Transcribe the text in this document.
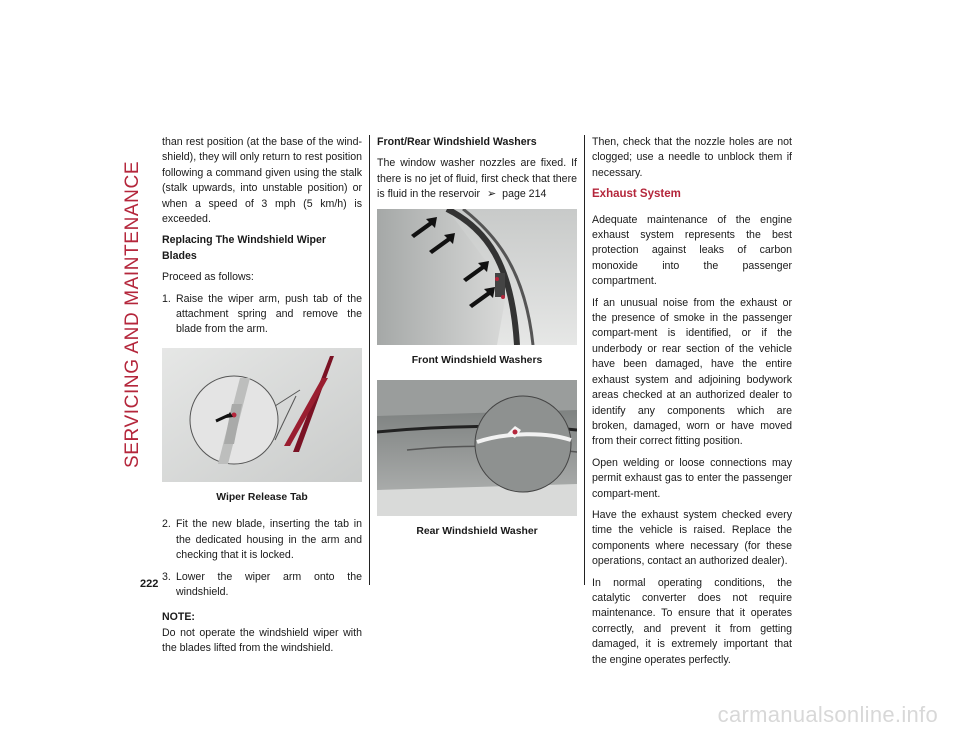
SERVICING AND MAINTENANCE
222

than rest position (at the base of the wind-shield), they will only return to rest position following a command given using the stalk (stalk upwards, into unstable position) or when a speed of 3 mph (5 km/h) is exceeded.

Replacing The Windshield Wiper Blades

Proceed as follows:

1. Raise the wiper arm, push tab of the attachment spring and remove the blade from the arm.
Wiper Release Tab
2. Fit the new blade, inserting the tab in the dedicated housing in the arm and checking that it is locked.
3. Lower the wiper arm onto the windshield.
NOTE:

Do not operate the windshield wiper with the blades lifted from the windshield.

Front/Rear Windshield Washers

The window washer nozzles are fixed. If there is no jet of fluid, first check that there is fluid in the reservoir ➢ page 214

Front Windshield Washers
Rear Windshield Washer

Then, check that the nozzle holes are not clogged; use a needle to unblock them if necessary.

Exhaust System

Adequate maintenance of the engine exhaust system represents the best protection against leaks of carbon monoxide into the passenger compartment.

If an unusual noise from the exhaust or the presence of smoke in the passenger compart-ment is identified, or if the underbody or rear section of the vehicle have been damaged, have the entire exhaust system and adjoining bodywork areas checked at an authorized dealer to identify any components which are broken, damaged, worn or have moved from their correct fitting position.

Open welding or loose connections may permit exhaust gas to enter the passenger compart-ment.

Have the exhaust system checked every time the vehicle is raised. Replace the components where necessary (for these operations, contact an authorized dealer).

In normal operating conditions, the catalytic converter does not require maintenance. To ensure that it operates correctly, and prevent it from getting damaged, it is extremely important that the engine operates perfectly.

carmanualsonline.info
